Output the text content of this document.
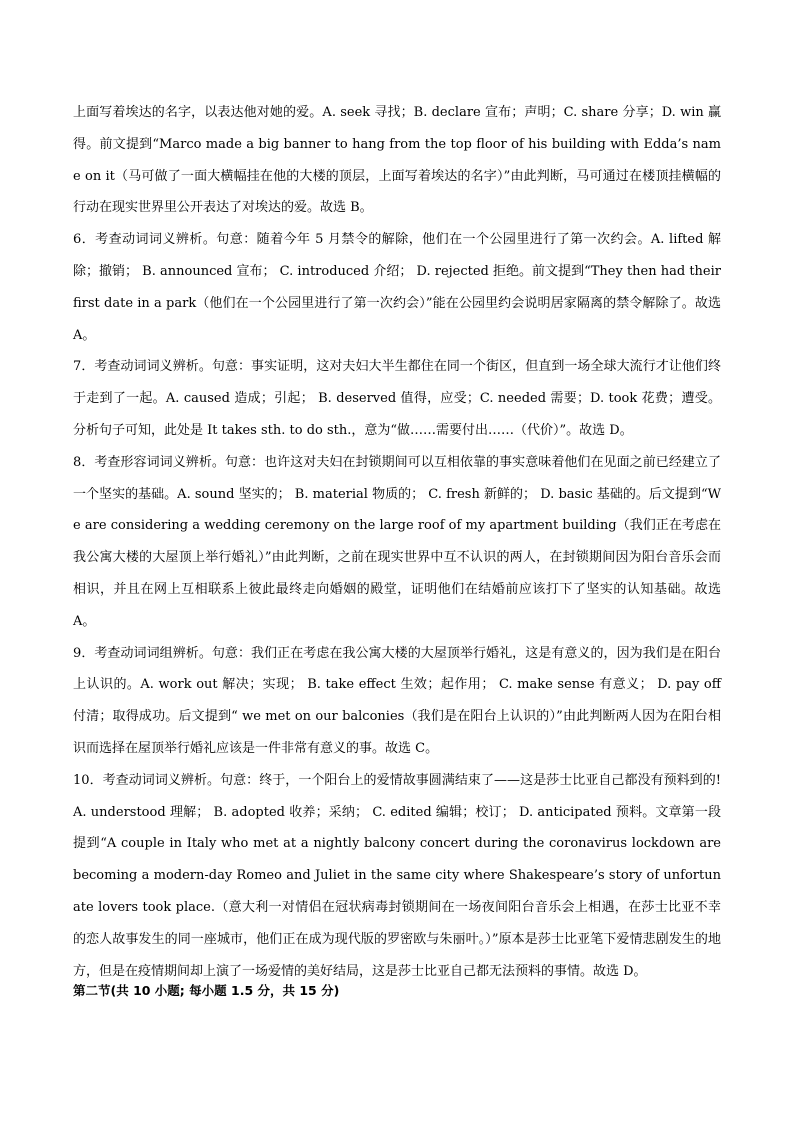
上面写着埃达的名字，以表达他对她的爱。A. seek 寻找；B. declare 宣布；声明；C. share 分享；D. win 赢得。前文提到“Marco made a big banner to hang from the top floor of his building with Edda’s name on it（马可做了一面大横幅挂在他的大楼的顶层，上面写着埃达的名字）”由此判断，马可通过在楼顶挂横幅的行动在现实世界里公开表达了对埃达的爱。故选 B。

6．考查动词词义辨析。句意：随着今年 5 月禁令的解除，他们在一个公园里进行了第一次约会。A. lifted 解除；撤销； B. announced 宣布； C. introduced 介绍； D. rejected 拒绝。前文提到“They then had their first date in a park（他们在一个公园里进行了第一次约会）”能在公园里约会说明居家隔离的禁令解除了。故选 A。

7．考查动词词义辨析。句意：事实证明，这对夫妇大半生都住在同一个街区，但直到一场全球大流行才让他们终于走到了一起。A. caused 造成；引起； B. deserved 值得，应受；C. needed 需要；D. took 花费；遭受。分析句子可知，此处是 It takes sth. to do sth.，意为“做……需要付出……（代价）”。故选 D。

8．考查形容词词义辨析。句意：也许这对夫妇在封锁期间可以互相依靠的事实意味着他们在见面之前已经建立了一个坚实的基础。A. sound 坚实的； B. material 物质的； C. fresh 新鲜的； D. basic 基础的。后文提到“We are considering a wedding ceremony on the large roof of my apartment building（我们正在考虑在我公寓大楼的大屋顶上举行婚礼）”由此判断，之前在现实世界中互不认识的两人，在封锁期间因为阳台音乐会而相识，并且在网上互相联系上彼此最终走向婚姻的殿堂，证明他们在结婚前应该打下了坚实的认知基础。故选 A。

9．考查动词词组辨析。句意：我们正在考虑在我公寓大楼的大屋顶举行婚礼，这是有意义的，因为我们是在阳台上认识的。A. work out 解决；实现； B. take effect 生效；起作用； C. make sense 有意义； D. pay off 付清；取得成功。后文提到“ we met on our balconies（我们是在阳台上认识的）”由此判断两人因为在阳台相识而选择在屋顶举行婚礼应该是一件非常有意义的事。故选 C。

10．考查动词词义辨析。句意：终于，一个阳台上的爱情故事圆满结束了——这是莎士比亚自己都没有预料到的!A. understood 理解； B. adopted 收养；采纳； C. edited 编辑；校订； D. anticipated 预料。文章第一段提到“A couple in Italy who met at a nightly balcony concert during the coronavirus lockdown are becoming a modern-day Romeo and Juliet in the same city where Shakespeare’s story of unfortunate lovers took place.（意大利一对情侣在冠状病毒封锁期间在一场夜间阳台音乐会上相遇，在莎士比亚不幸的恋人故事发生的同一座城市，他们正在成为现代版的罗密欧与朱丽叶。）”原本是莎士比亚笔下爱情悲剧发生的地方，但是在疫情期间却上演了一场爱情的美好结局，这是莎士比亚自己都无法预料的事情。故选 D。

第二节(共 10 小题; 每小题 1.5 分，共 15 分)
